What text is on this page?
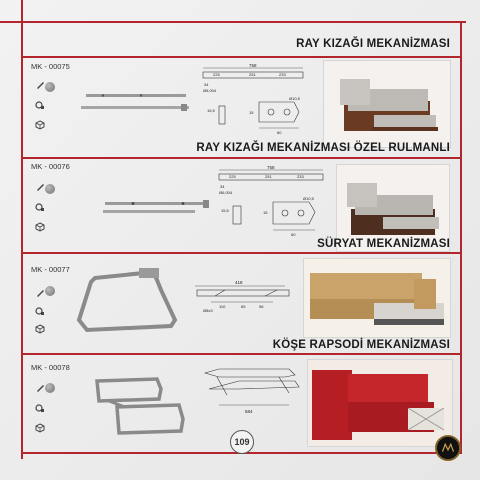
RAY KIZAĞI MEKANİZMASI
MK - 00075	758
34
225	251	233
Ø6,004
15,5
Ø10,5
15
60
RAY KIZAĞI MEKANİZMASI ÖZEL RULMANLI
MK - 00076	758
34
225	251	233
Ø6,004
15,5
Ø10,5
15
60
SÜRYAT MEKANİZMASI
MK - 00077
418
110	65	96
Ø8x3
KÖŞE RAPSODİ MEKANİZMASI
MK - 00078
584
109
